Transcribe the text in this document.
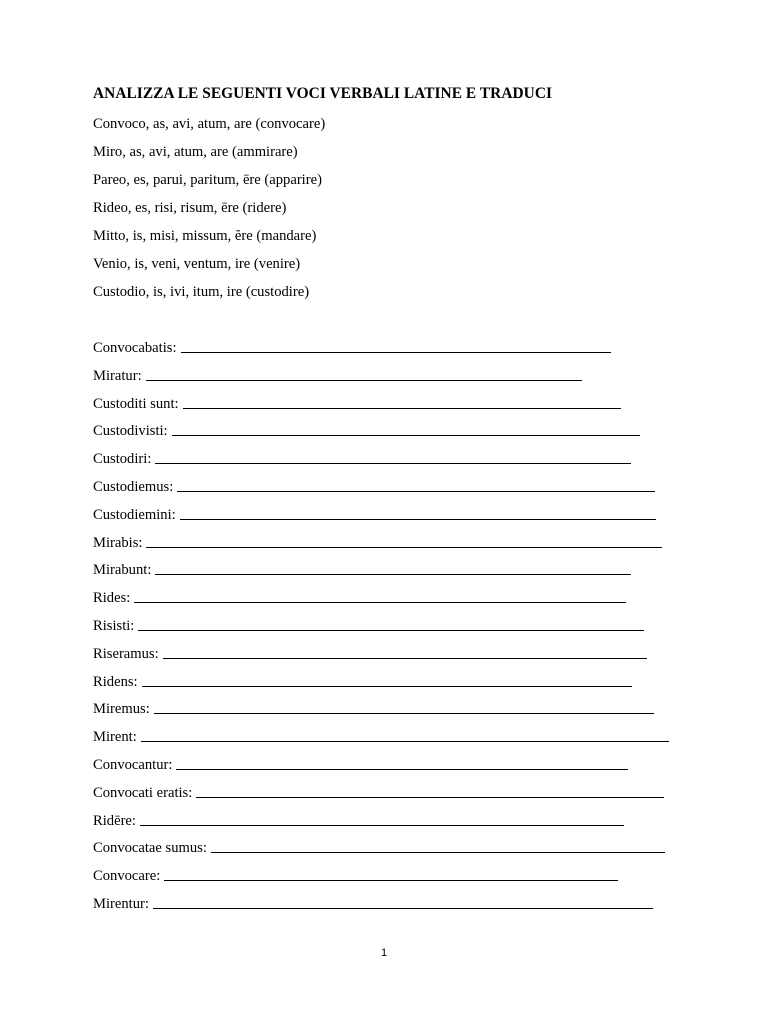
ANALIZZA LE SEGUENTI VOCI VERBALI LATINE E TRADUCI
Convoco, as, avi, atum, are (convocare)
Miro, as, avi, atum, are (ammirare)
Pareo, es, parui, paritum, ēre (apparire)
Rideo, es, risi, risum, ēre (ridere)
Mitto, is, misi, missum, ĕre (mandare)
Venio, is, veni, ventum, ire (venire)
Custodio, is, ivi, itum, ire (custodire)
Convocabatis:
Miratur:
Custoditi sunt:
Custodivisti:
Custodiri:
Custodiemus:
Custodiemini:
Mirabis:
Mirabunt:
Rides:
Risisti:
Riseramus:
Ridens:
Miremus:
Mirent:
Convocantur:
Convocati eratis:
Ridēre:
Convocatae sumus:
Convocare:
Mirentur:
1
